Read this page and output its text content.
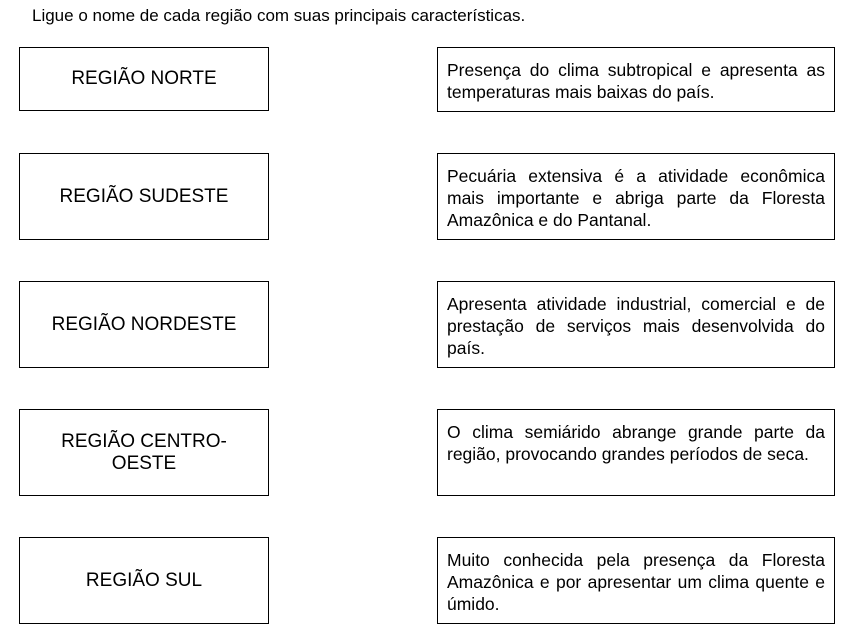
Ligue o nome de cada região com suas principais características.
REGIÃO NORTE
REGIÃO SUDESTE
REGIÃO NORDESTE
REGIÃO CENTRO-OESTE
REGIÃO SUL
Presença do clima subtropical e apresenta as temperaturas mais baixas do país.
Pecuária extensiva é a atividade econômica mais importante e abriga parte da Floresta Amazônica e do Pantanal.
Apresenta atividade industrial, comercial e de prestação de serviços mais desenvolvida do país.
O clima semiárido abrange grande parte da região, provocando grandes períodos de seca.
Muito conhecida pela presença da Floresta Amazônica e por apresentar um clima quente e úmido.
